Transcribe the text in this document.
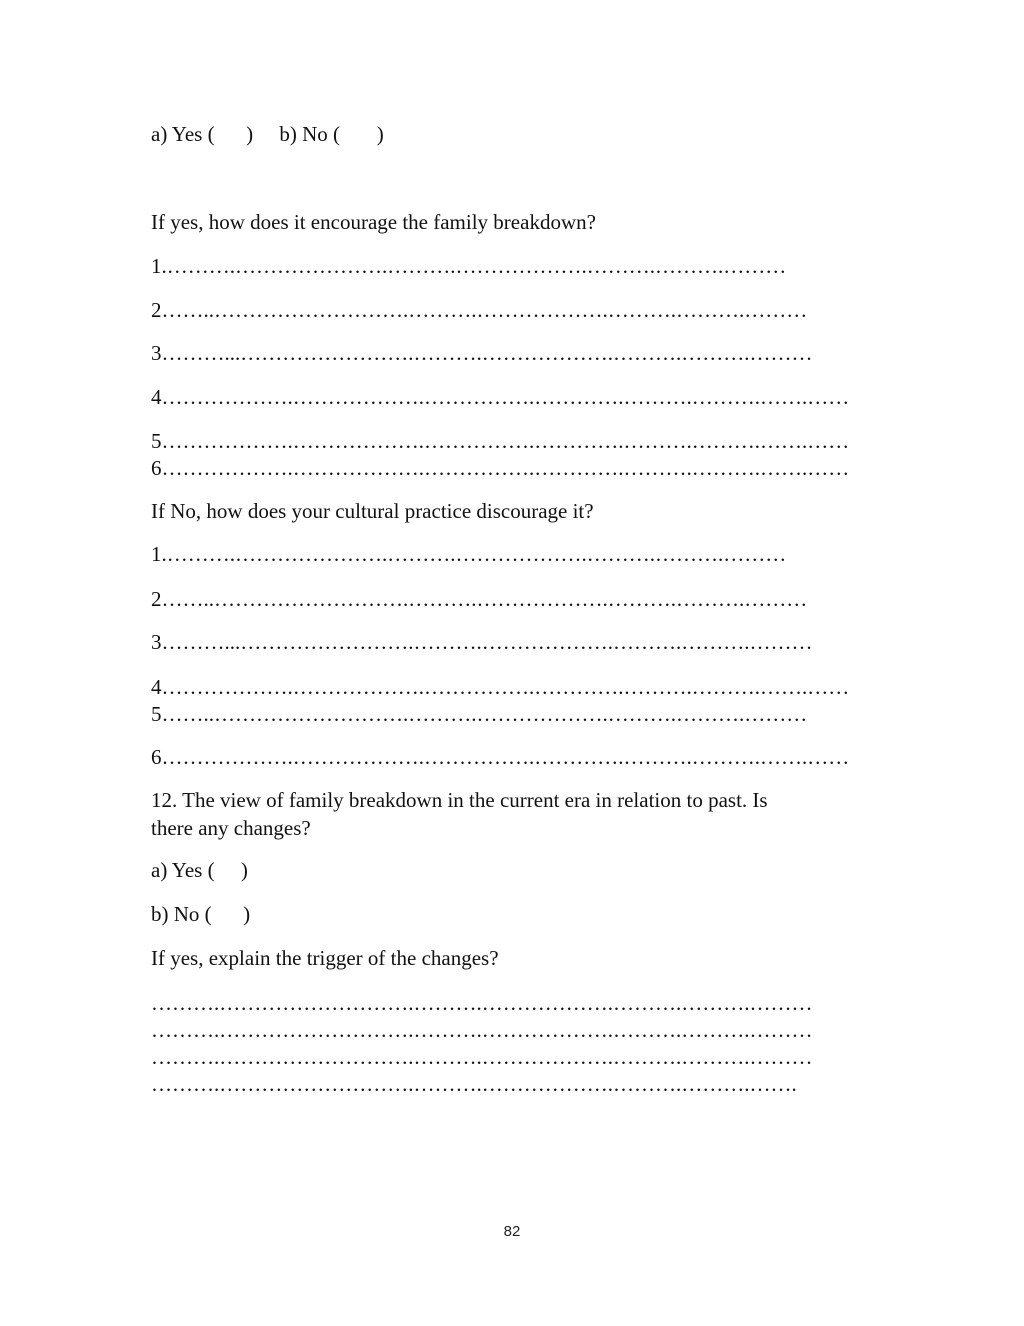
a) Yes (      )     b) No (       )

If yes, how does it encourage the family breakdown?

1.……….………………….……….……………….……….……….………

2……..……………………….……….……………….……….……….………

3………...…………………….……….……………….……….……….………

4……………….……………….…………….………….……….……….…….……

5……………….……………….…………….………….……….……….…….……

6……………….……………….…………….………….……….……….…….……

If No, how does your cultural practice discourage it?

1.……….………………….……….……………….……….……….………

2……..……………………….……….……………….……….……….………

3………...…………………….……….……………….……….……….………

4……………….……………….…………….………….……….……….…….……

5……..……………………….……….……………….……….……….………

6……………….……………….…………….………….……….……….…….……

12. The view of family breakdown in the current era in relation to past. Is

there any changes?

a) Yes (     )

b) No (      )

If yes, explain the trigger of the changes?

……….……………………….……….……………….……….……….………

……….……………………….……….……………….……….……….………

……….……………………….……….……………….……….……….………

……….……………………….……….……………….……….……….…….

82
